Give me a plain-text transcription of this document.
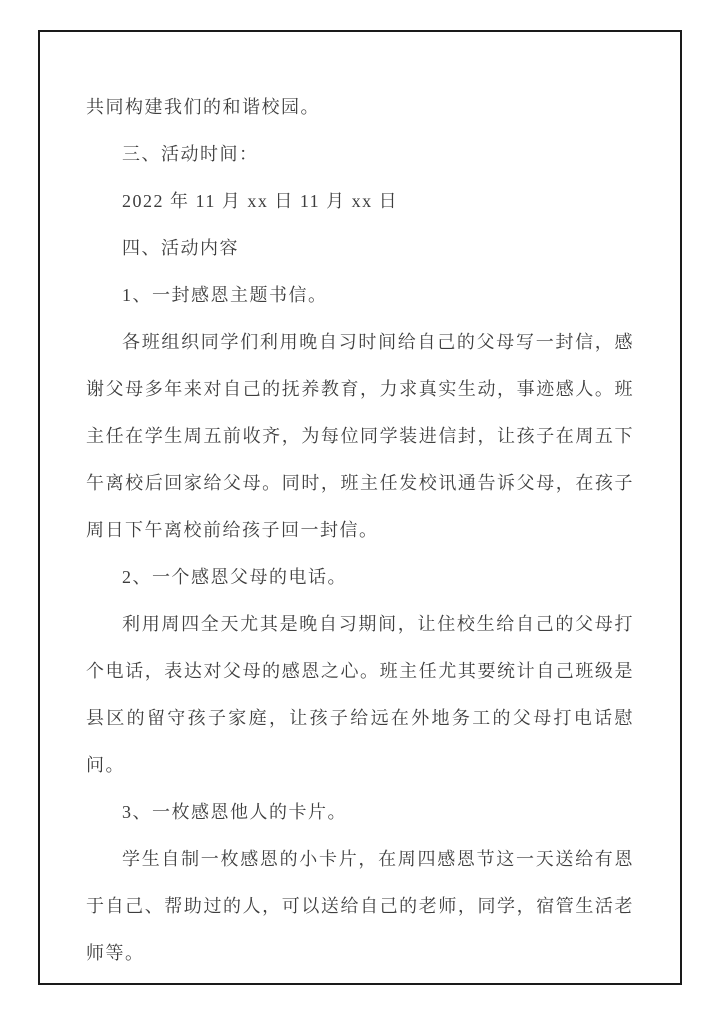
共同构建我们的和谐校园。

三、活动时间：

2022 年 11 月 xx 日 11 月 xx 日

四、活动内容

1、一封感恩主题书信。

各班组织同学们利用晚自习时间给自己的父母写一封信，感谢父母多年来对自己的抚养教育，力求真实生动，事迹感人。班主任在学生周五前收齐，为每位同学装进信封，让孩子在周五下午离校后回家给父母。同时，班主任发校讯通告诉父母，在孩子周日下午离校前给孩子回一封信。

2、一个感恩父母的电话。

利用周四全天尤其是晚自习期间，让住校生给自己的父母打个电话，表达对父母的感恩之心。班主任尤其要统计自己班级是县区的留守孩子家庭，让孩子给远在外地务工的父母打电话慰问。

3、一枚感恩他人的卡片。

学生自制一枚感恩的小卡片，在周四感恩节这一天送给有恩于自己、帮助过的人，可以送给自己的老师，同学，宿管生活老师等。
